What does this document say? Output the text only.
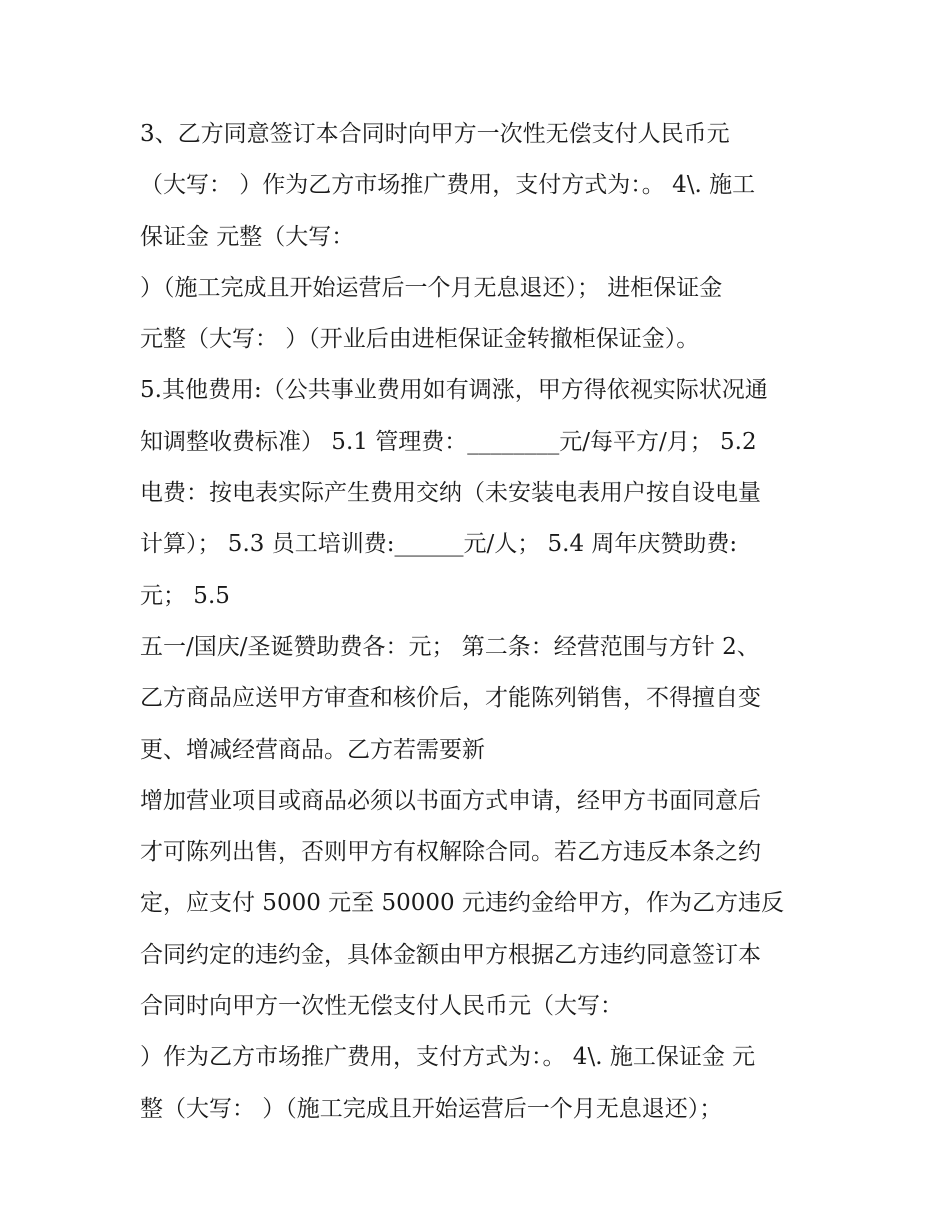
3、乙方同意签订本合同时向甲方一次性无偿支付人民币元
（大写： ）作为乙方市场推广费用，支付方式为：。 4\. 施工
保证金 元整（大写：
）（施工完成且开始运营后一个月无息退还）； 进柜保证金
元整（大写： ）（开业后由进柜保证金转撤柜保证金）。
5.其他费用:（公共事业费用如有调涨，甲方得依视实际状况通
知调整收费标准） 5.1 管理费：________元/每平方/月； 5.2
电费：按电表实际产生费用交纳（未安装电表用户按自设电量
计算）； 5.3 员工培训费:______元/人； 5.4 周年庆赞助费:
元； 5.5
五一/国庆/圣诞赞助费各：元； 第二条：经营范围与方针 2、
乙方商品应送甲方审查和核价后，才能陈列销售，不得擅自变
更、增减经营商品。乙方若需要新
增加营业项目或商品必须以书面方式申请，经甲方书面同意后
才可陈列出售，否则甲方有权解除合同。若乙方违反本条之约
定，应支付 5000 元至 50000 元违约金给甲方，作为乙方违反
合同约定的违约金，具体金额由甲方根据乙方违约同意签订本
合同时向甲方一次性无偿支付人民币元（大写：
）作为乙方市场推广费用，支付方式为：。 4\. 施工保证金 元
整（大写： ）（施工完成且开始运营后一个月无息退还）；
